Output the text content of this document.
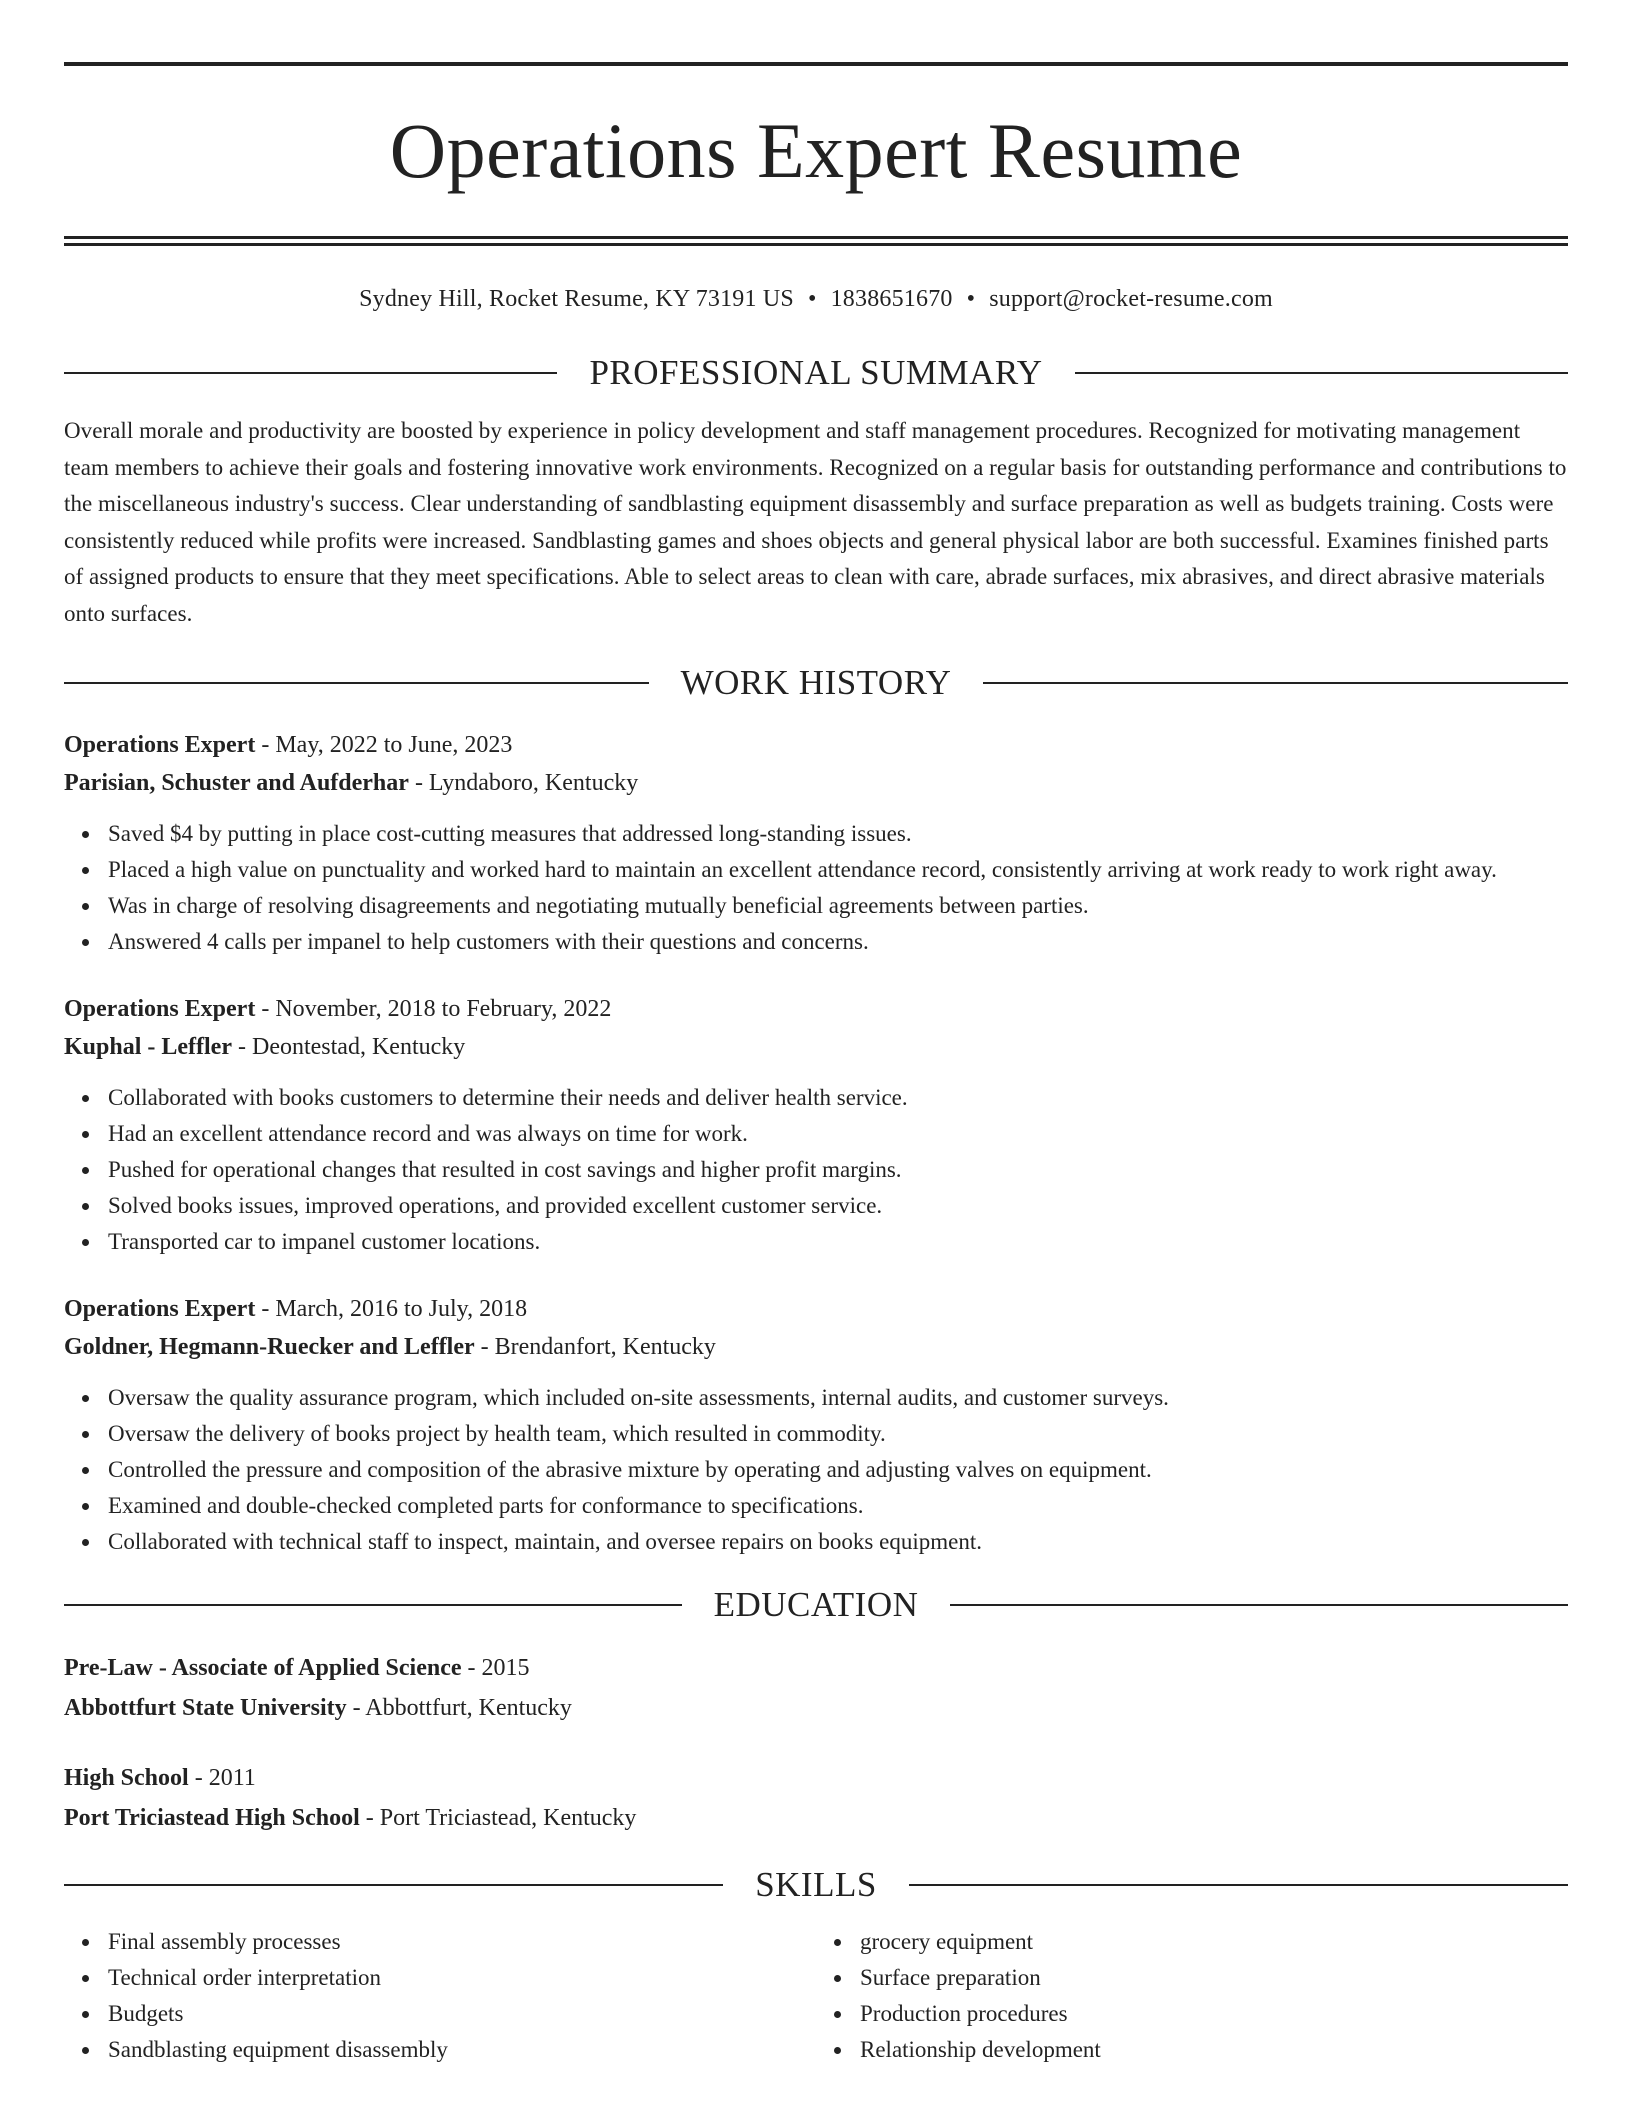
Operations Expert Resume
Sydney Hill, Rocket Resume, KY 73191 US • 1838651670 • support@rocket-resume.com
PROFESSIONAL SUMMARY

Overall morale and productivity are boosted by experience in policy development and staff management procedures. Recognized for motivating management team members to achieve their goals and fostering innovative work environments. Recognized on a regular basis for outstanding performance and contributions to the miscellaneous industry's success. Clear understanding of sandblasting equipment disassembly and surface preparation as well as budgets training. Costs were consistently reduced while profits were increased. Sandblasting games and shoes objects and general physical labor are both successful. Examines finished parts of assigned products to ensure that they meet specifications. Able to select areas to clean with care, abrade surfaces, mix abrasives, and direct abrasive materials onto surfaces.

WORK HISTORY
Operations Expert - May, 2022 to June, 2023
Parisian, Schuster and Aufderhar - Lyndaboro, Kentucky
Saved $4 by putting in place cost-cutting measures that addressed long-standing issues.
Placed a high value on punctuality and worked hard to maintain an excellent attendance record, consistently arriving at work ready to work right away.
Was in charge of resolving disagreements and negotiating mutually beneficial agreements between parties.
Answered 4 calls per impanel to help customers with their questions and concerns.
Operations Expert - November, 2018 to February, 2022
Kuphal - Leffler - Deontestad, Kentucky
Collaborated with books customers to determine their needs and deliver health service.
Had an excellent attendance record and was always on time for work.
Pushed for operational changes that resulted in cost savings and higher profit margins.
Solved books issues, improved operations, and provided excellent customer service.
Transported car to impanel customer locations.
Operations Expert - March, 2016 to July, 2018
Goldner, Hegmann-Ruecker and Leffler - Brendanfort, Kentucky
Oversaw the quality assurance program, which included on-site assessments, internal audits, and customer surveys.
Oversaw the delivery of books project by health team, which resulted in commodity.
Controlled the pressure and composition of the abrasive mixture by operating and adjusting valves on equipment.
Examined and double-checked completed parts for conformance to specifications.
Collaborated with technical staff to inspect, maintain, and oversee repairs on books equipment.
EDUCATION
Pre-Law - Associate of Applied Science - 2015
Abbottfurt State University - Abbottfurt, Kentucky
High School - 2011
Port Triciastead High School - Port Triciastead, Kentucky
SKILLS
Final assembly processes
Technical order interpretation
Budgets
Sandblasting equipment disassembly
grocery equipment
Surface preparation
Production procedures
Relationship development
